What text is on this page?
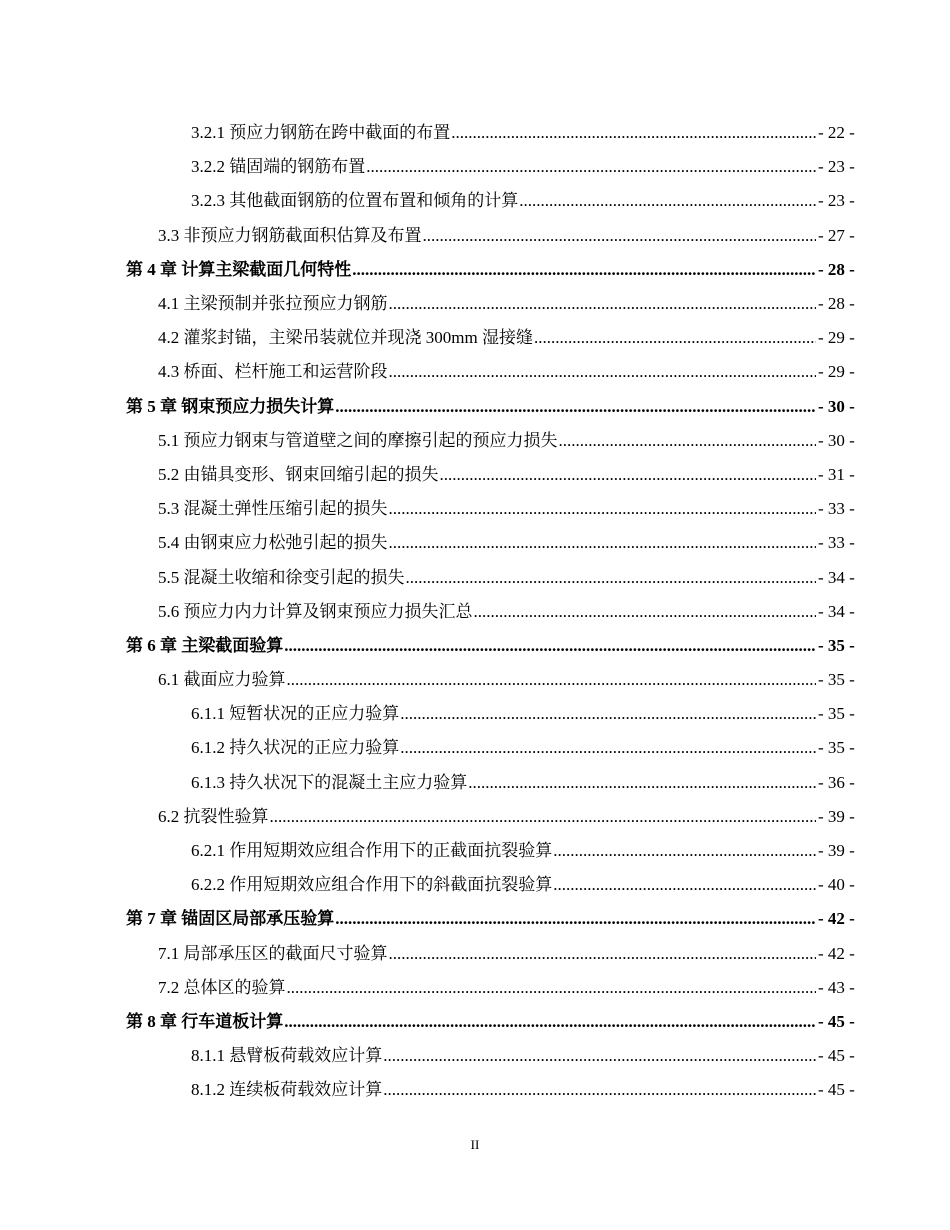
3.2.1 预应力钢筋在跨中截面的布置 .....	- 22 -
3.2.2 锚固端的钢筋布置 .....	- 23 -
3.2.3 其他截面钢筋的位置布置和倾角的计算 .....	- 23 -
3.3 非预应力钢筋截面积估算及布置 .....	- 27 -
第 4 章 计算主梁截面几何特性 .....	- 28 -
4.1 主梁预制并张拉预应力钢筋 .....	- 28 -
4.2 灌浆封锚，主梁吊装就位并现浇 300mm 湿接缝 .....	- 29 -
4.3 桥面、栏杆施工和运营阶段 .....	- 29 -
第 5 章 钢束预应力损失计算 .....	- 30 -
5.1 预应力钢束与管道壁之间的摩擦引起的预应力损失 .....	- 30 -
5.2 由锚具变形、钢束回缩引起的损失 .....	- 31 -
5.3 混凝土弹性压缩引起的损失 .....	- 33 -
5.4 由钢束应力松弛引起的损失 .....	- 33 -
5.5 混凝土收缩和徐变引起的损失 .....	- 34 -
5.6 预应力内力计算及钢束预应力损失汇总 .....	- 34 -
第 6 章 主梁截面验算 .....	- 35 -
6.1 截面应力验算 .....	- 35 -
6.1.1 短暂状况的正应力验算 .....	- 35 -
6.1.2 持久状况的正应力验算 .....	- 35 -
6.1.3 持久状况下的混凝土主应力验算 .....	- 36 -
6.2 抗裂性验算 .....	- 39 -
6.2.1 作用短期效应组合作用下的正截面抗裂验算 .....	- 39 -
6.2.2 作用短期效应组合作用下的斜截面抗裂验算 .....	- 40 -
第 7 章 锚固区局部承压验算 .....	- 42 -
7.1 局部承压区的截面尺寸验算 .....	- 42 -
7.2 总体区的验算 .....	- 43 -
第 8 章 行车道板计算 .....	- 45 -
8.1.1 悬臂板荷载效应计算 .....	- 45 -
8.1.2 连续板荷载效应计算 .....	- 45 -
II
